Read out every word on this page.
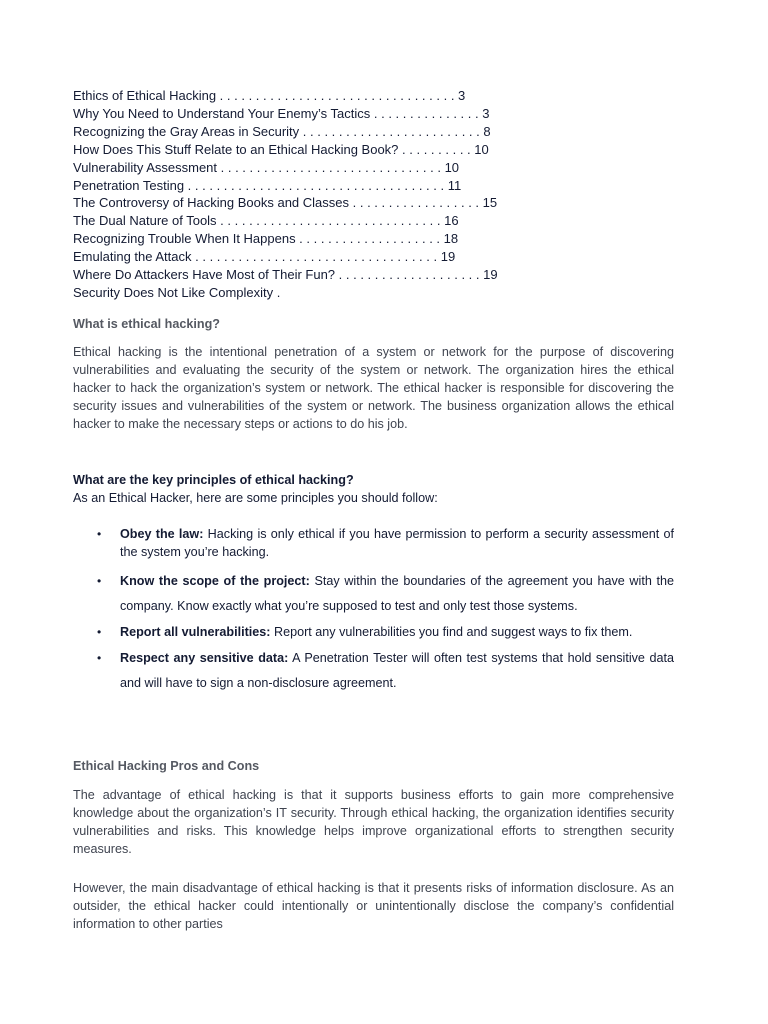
Ethics of Ethical Hacking . . . . . . . . . . . . . . . . . . . . . . . . . . . . . . . . . 3
Why You Need to Understand Your Enemy’s Tactics . . . . . . . . . . . . . . . 3
Recognizing the Gray Areas in Security . . . . . . . . . . . . . . . . . . . . . . . . . 8
How Does This Stuff Relate to an Ethical Hacking Book? . . . . . . . . . . 10
Vulnerability Assessment . . . . . . . . . . . . . . . . . . . . . . . . . . . . . . . 10
Penetration Testing . . . . . . . . . . . . . . . . . . . . . . . . . . . . . . . . . . . . 11
The Controversy of Hacking Books and Classes . . . . . . . . . . . . . . . . . . 15
The Dual Nature of Tools . . . . . . . . . . . . . . . . . . . . . . . . . . . . . . . 16
Recognizing Trouble When It Happens . . . . . . . . . . . . . . . . . . . . 18
Emulating the Attack . . . . . . . . . . . . . . . . . . . . . . . . . . . . . . . . . . 19
Where Do Attackers Have Most of Their Fun? . . . . . . . . . . . . . . . . . . . . 19
Security Does Not Like Complexity .
What is ethical hacking?
Ethical hacking is the intentional penetration of a system or network for the purpose of discovering vulnerabilities and evaluating the security of the system or network. The organization hires the ethical hacker to hack the organization’s system or network. The ethical hacker is responsible for discovering the security issues and vulnerabilities of the system or network. The business organization allows the ethical hacker to make the necessary steps or actions to do his job.
What are the key principles of ethical hacking?
As an Ethical Hacker, here are some principles you should follow:
• Obey the law: Hacking is only ethical if you have permission to perform a security assessment of the system you’re hacking.
• Know the scope of the project: Stay within the boundaries of the agreement you have with the company. Know exactly what you’re supposed to test and only test those systems.
• Report all vulnerabilities: Report any vulnerabilities you find and suggest ways to fix them.
• Respect any sensitive data: A Penetration Tester will often test systems that hold sensitive data and will have to sign a non-disclosure agreement.
Ethical Hacking Pros and Cons
The advantage of ethical hacking is that it supports business efforts to gain more comprehensive knowledge about the organization’s IT security. Through ethical hacking, the organization identifies security vulnerabilities and risks. This knowledge helps improve organizational efforts to strengthen security measures.
However, the main disadvantage of ethical hacking is that it presents risks of information disclosure. As an outsider, the ethical hacker could intentionally or unintentionally disclose the company’s confidential information to other parties
